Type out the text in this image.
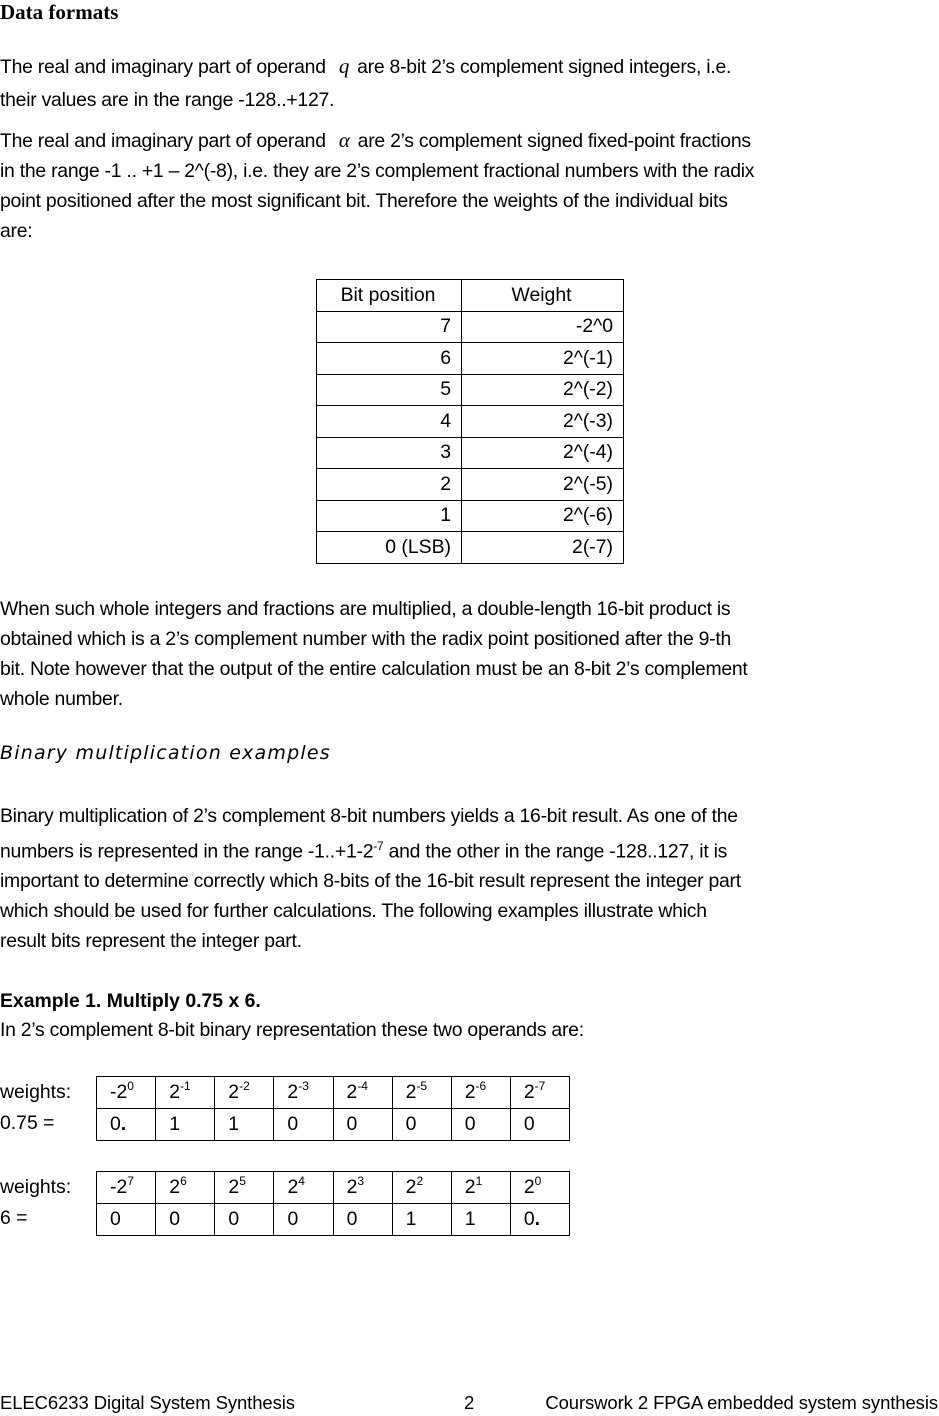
Data formats
The real and imaginary part of operand q are 8-bit 2’s complement signed integers, i.e.
their values are in the range -128..+127.
The real and imaginary part of operand α are 2’s complement signed fixed-point fractions
in the range -1 .. +1 – 2^(-8), i.e. they are 2’s complement fractional numbers with the radix
point positioned after the most significant bit. Therefore the weights of the individual bits
are:
Bit position	Weight
7	-2^0
6	2^(-1)
5	2^(-2)
4	2^(-3)
3	2^(-4)
2	2^(-5)
1	2^(-6)
0 (LSB)	2(-7)
When such whole integers and fractions are multiplied, a double-length 16-bit product is
obtained which is a 2’s complement number with the radix point positioned after the 9-th
bit. Note however that the output of the entire calculation must be an 8-bit 2’s complement
whole number.
Binary multiplication examples
Binary multiplication of 2’s complement 8-bit numbers yields a 16-bit result. As one of the
numbers is represented in the range $-1..+1-2^{-7}$ and the other in the range -128..127, it is
important to determine correctly which 8-bits of the 16-bit result represent the integer part
which should be used for further calculations. The following examples illustrate which
result bits represent the integer part.
Example 1. Multiply 0.75 x 6.
In 2’s complement 8-bit binary representation these two operands are:
weights:
0.75 =
$-2^0$	$2^{-1}$	$2^{-2}$	$2^{-3}$	$2^{-4}$	$2^{-5}$	$2^{-6}$	$2^{-7}$
0.	1	1	0	0	0	0	0
weights:
6 =
$-2^7$	$2^6$	$2^5$	$2^4$	$2^3$	$2^2$	$2^1$	$2^0$
0	0	0	0	0	1	1	0.
ELEC6233 Digital System Synthesis	2	Courswork 2 FPGA embedded system synthesis
